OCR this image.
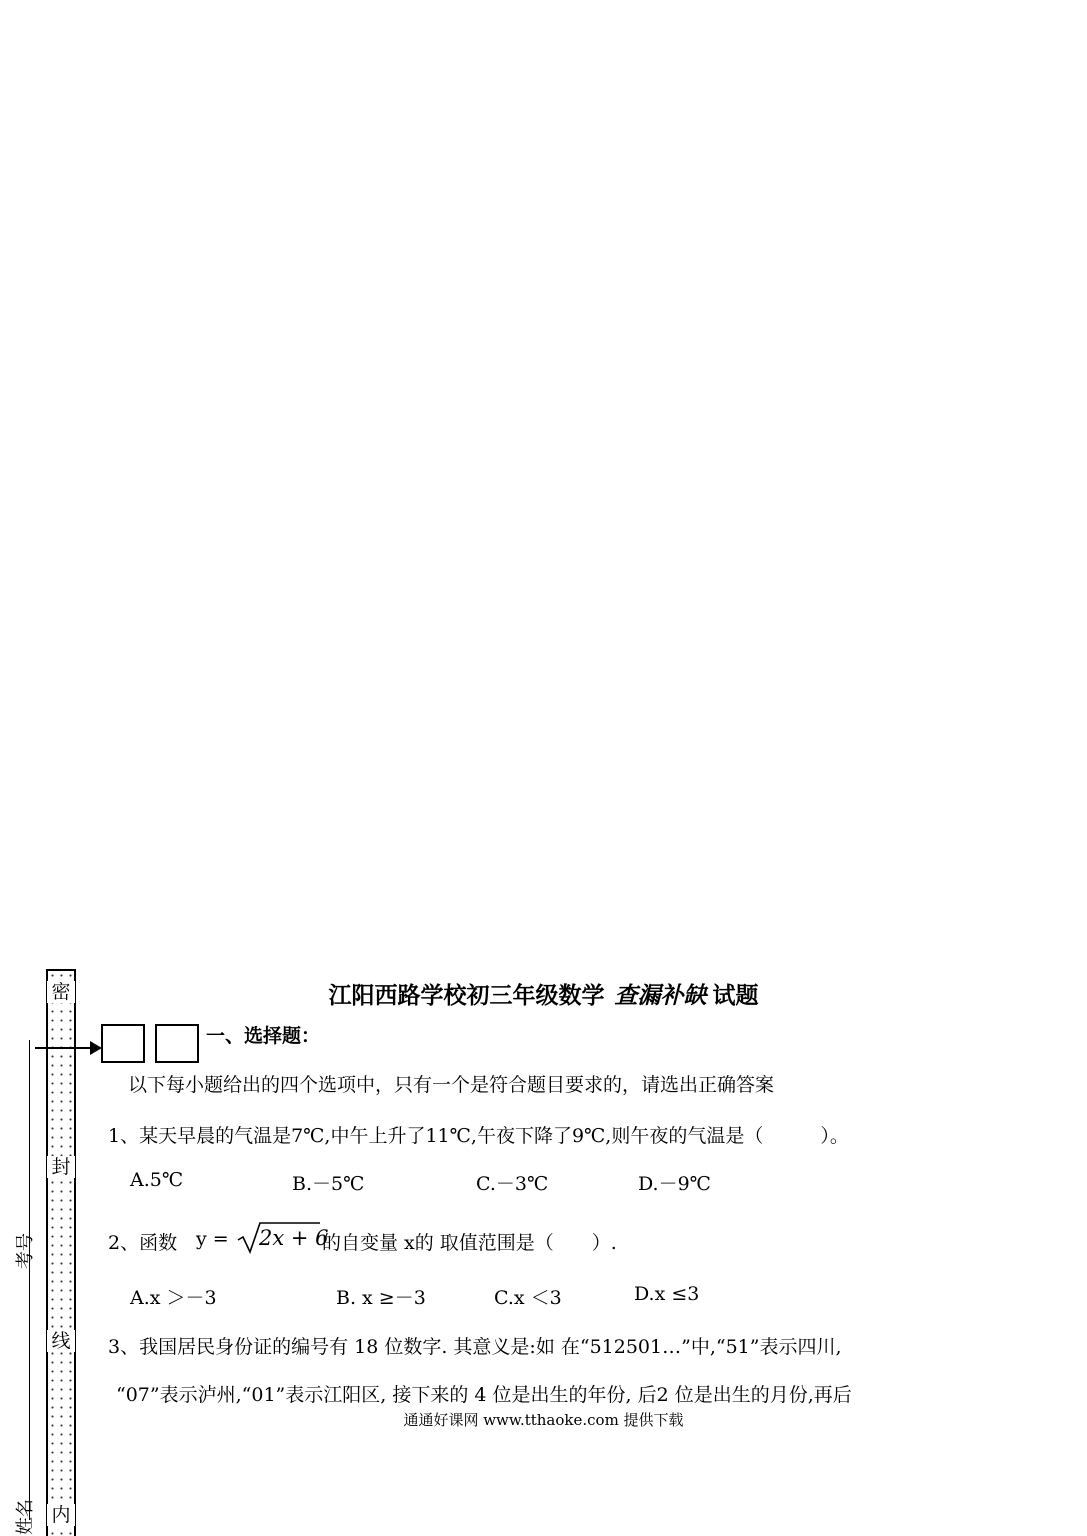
密
封
线
内
考号
姓名
江阳西路学校初三年级数学 查漏补缺 试题
一、选择题：
以下每小题给出的四个选项中，只有一个是符合题目要求的，请选出正确答案
1、某天早晨的气温是7℃,中午上升了11℃,午夜下降了9℃,则午夜的气温是（　　　）。
A.5℃	B.－5℃	C.－3℃	D.－9℃
2、函数 y = 2x + 6
的自变量 x的 取值范围是（　　）.
A.x ＞－3	B. x ≥－3	C.x ＜3	D.x ≤3
3、我国居民身份证的编号有 18 位数字. 其意义是:如 在“512501…”中,“51”表示四川,
“07”表示泸州,“01”表示江阳区, 接下来的 4 位是出生的年份, 后2 位是出生的月份,再后
通通好课网 www.tthaoke.com 提供下载
